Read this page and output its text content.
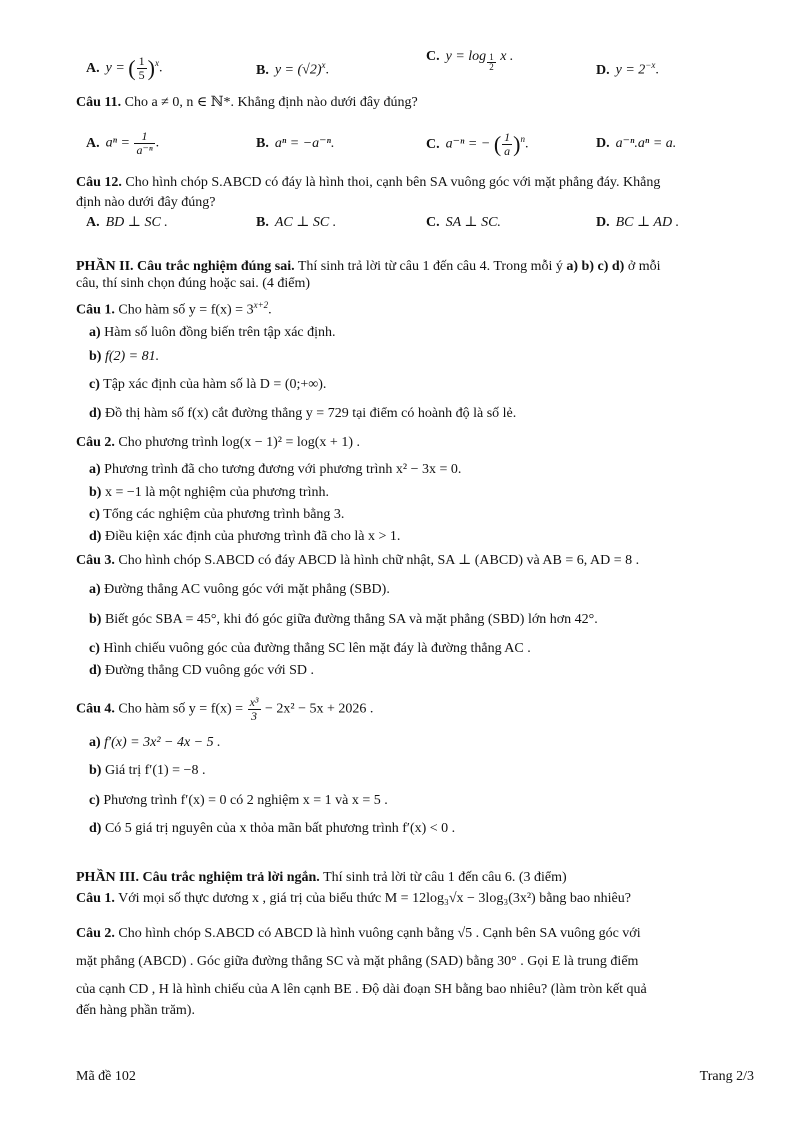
A. y = ( $\frac{1}{5} )^x$.	B. $y = (√2)^x$.
C. $y = \log \frac{1}{2}$ x .
D. $y = 2^{-x}$.
Câu 11. Cho a ≠ 0, n ∈ ℕ*. Khẳng định nào dưới đây đúng?
A. $a^n = \frac{1}{\text{a⁻ⁿ}}$ .	B. aⁿ = −a⁻ⁿ.	C. a⁻ⁿ = − ( $\frac{1}{a} )^n$.	D. a⁻ⁿ.aⁿ = a.
Câu 12. Cho hình chóp S.ABCD có đáy là hình thoi, cạnh bên SA vuông góc với mặt phẳng đáy. Khẳng
định nào dưới đây đúng?
A. BD ⊥ SC .	B. AC ⊥ SC .	C. SA ⊥ SC.	D. BC ⊥ AD .
PHẦN II. Câu trắc nghiệm đúng sai. Thí sinh trả lời từ câu 1 đến câu 4. Trong mỗi ý a) b) c) d) ở mỗi
câu, thí sinh chọn đúng hoặc sai. (4 điểm)
Câu 1. Cho hàm số $y = f(x) = 3^{x+2}$.
a) Hàm số luôn đồng biến trên tập xác định.
b) f(2) = 81.
c) Tập xác định của hàm số là D = (0;+∞).
d) Đồ thị hàm số f(x) cắt đường thẳng y = 729 tại điểm có hoành độ là số lẻ.
Câu 2. Cho phương trình log(x − 1)² = log(x + 1) .
a) Phương trình đã cho tương đương với phương trình x² − 3x = 0.
b) x = −1 là một nghiệm của phương trình.
c) Tổng các nghiệm của phương trình bằng 3.
d) Điều kiện xác định của phương trình đã cho là x > 1.
Câu 3. Cho hình chóp S.ABCD có đáy ABCD là hình chữ nhật, SA ⊥ (ABCD) và AB = 6, AD = 8 .
a) Đường thẳng AC vuông góc với mặt phẳng (SBD).
b) Biết góc SBA = 45°, khi đó góc giữa đường thẳng SA và mặt phẳng (SBD) lớn hơn 42°.
c) Hình chiếu vuông góc của đường thẳng SC lên mặt đáy là đường thẳng AC .
d) Đường thẳng CD vuông góc với SD .
Câu 4. Cho hàm số $y = f(x) = \frac{\text{x³}}{3} - 2x^2 - 5x + 2026$ .
a) f′(x) = 3x² − 4x − 5 .
b) Giá trị f′(1) = −8 .
c) Phương trình f′(x) = 0 có 2 nghiệm x = 1 và x = 5 .
d) Có 5 giá trị nguyên của x thỏa mãn bất phương trình f′(x) < 0 .
PHẦN III. Câu trắc nghiệm trả lời ngắn. Thí sinh trả lời từ câu 1 đến câu 6. (3 điểm)
Câu 1. Với mọi số thực dương x , giá trị của biểu thức M = 12log₃√x − 3log₃(3x²) bằng bao nhiêu?
Câu 2. Cho hình chóp S.ABCD có ABCD là hình vuông cạnh bằng √5 . Cạnh bên SA vuông góc với
mặt phẳng (ABCD) . Góc giữa đường thẳng SC và mặt phẳng (SAD) bằng 30° . Gọi E là trung điểm
của cạnh CD , H là hình chiếu của A lên cạnh BE . Độ dài đoạn SH bằng bao nhiêu? (làm tròn kết quả
đến hàng phần trăm).
Mã đề 102	Trang 2/3
